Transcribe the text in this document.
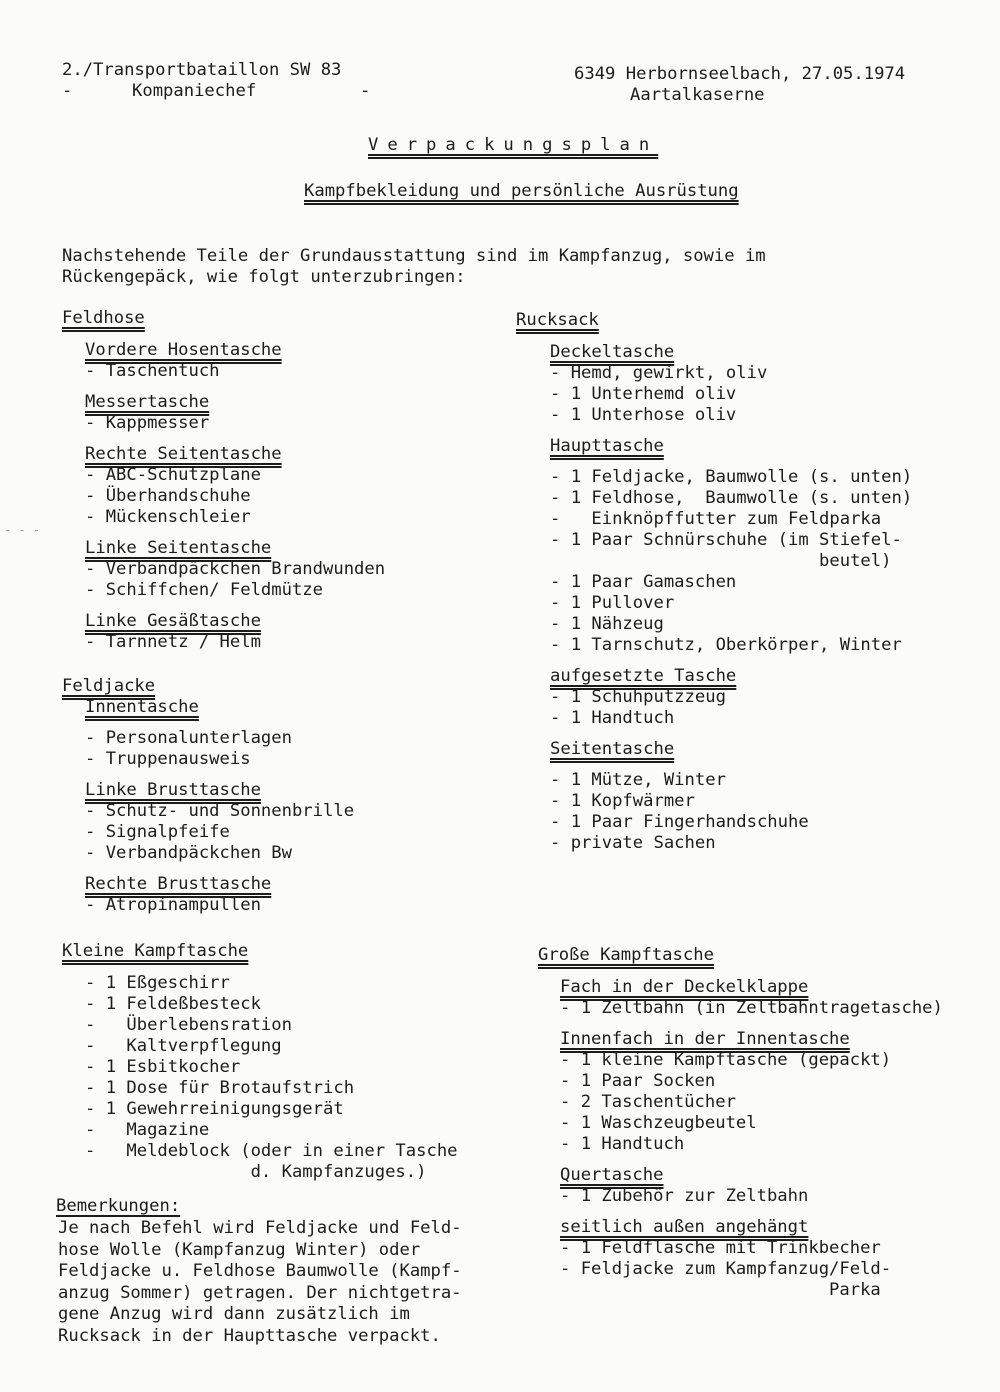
2./Transportbataillon SW 83
-	Kompaniechef	-
6349 Herbornseelbach, 27.05.1974
Aartalkaserne
Verpackungsplan
Kampfbekleidung und persönliche Ausrüstung
Nachstehende Teile der Grundausstattung sind im Kampfanzug, sowie im
Rückengepäck, wie folgt unterzubringen:
Feldhose
Vordere Hosentasche
- Taschentuch
Messertasche
- Kappmesser
Rechte Seitentasche
- ABC-Schutzplane
- Überhandschuhe
- Mückenschleier
Linke Seitentasche
- Verbandpäckchen Brandwunden
- Schiffchen/ Feldmütze
Linke Gesäßtasche
- Tarnnetz / Helm
Feldjacke
Innentasche
- Personalunterlagen
- Truppenausweis
Linke Brusttasche
- Schutz- und Sonnenbrille
- Signalpfeife
- Verbandpäckchen Bw
Rechte Brusttasche
- Atropinampullen
Kleine Kampftasche
- 1 Eßgeschirr
- 1 Feldeßbesteck
-   Überlebensration
-   Kaltverpflegung
- 1 Esbitkocher
- 1 Dose für Brotaufstrich
- 1 Gewehrreinigungsgerät
-   Magazine
-   Meldeblock (oder in einer Tasche
d. Kampfanzuges.)
Bemerkungen:
Je nach Befehl wird Feldjacke und Feld-
hose Wolle (Kampfanzug Winter) oder
Feldjacke u. Feldhose Baumwolle (Kampf-
anzug Sommer) getragen. Der nichtgetra-
gene Anzug wird dann zusätzlich im
Rucksack in der Haupttasche verpackt.
Rucksack
Deckeltasche
- Hemd, gewirkt, oliv
- 1 Unterhemd oliv
- 1 Unterhose oliv
Haupttasche
- 1 Feldjacke, Baumwolle (s. unten)
- 1 Feldhose,  Baumwolle (s. unten)
-   Einknöpffutter zum Feldparka
- 1 Paar Schnürschuhe (im Stiefel-
beutel)
- 1 Paar Gamaschen
- 1 Pullover
- 1 Nähzeug
- 1 Tarnschutz, Oberkörper, Winter
aufgesetzte Tasche
- 1 Schuhputzzeug
- 1 Handtuch
Seitentasche
- 1 Mütze, Winter
- 1 Kopfwärmer
- 1 Paar Fingerhandschuhe
- private Sachen
Große Kampftasche
Fach in der Deckelklappe
- 1 Zeltbahn (in Zeltbahntragetasche)
Innenfach in der Innentasche
- 1 kleine Kampftasche (gepackt)
- 1 Paar Socken
- 2 Taschentücher
- 1 Waschzeugbeutel
- 1 Handtuch
Quertasche
- 1 Zubehör zur Zeltbahn
seitlich außen angehängt
- 1 Feldflasche mit Trinkbecher
- Feldjacke zum Kampfanzug/Feld-
Parka
- - -
